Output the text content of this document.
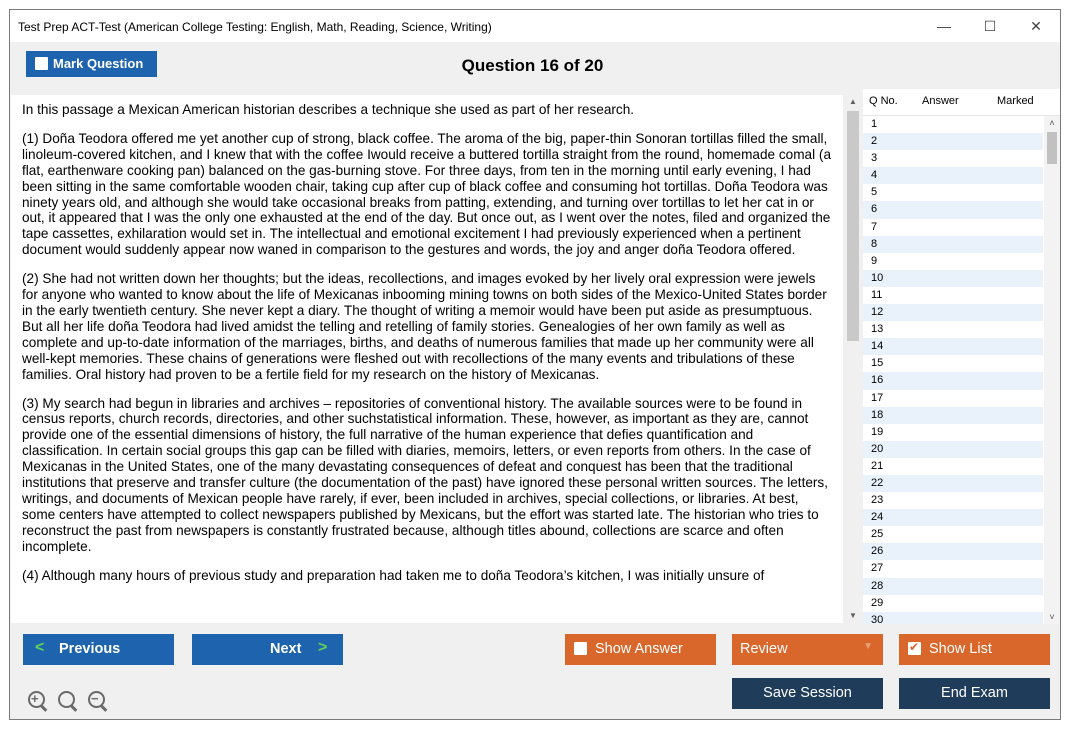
Test Prep ACT-Test (American College Testing: English, Math, Reading, Science, Writing)	—	☐	✕
Mark Question	Question 16 of 20

In this passage a Mexican American historian describes a technique she used as part of her research.

(1) Doña Teodora offered me yet another cup of strong, black coffee. The aroma of the big, paper-thin Sonoran tortillas filled the small, linoleum-covered kitchen, and I knew that with the coffee Iwould receive a buttered tortilla straight from the round, homemade comal (a flat, earthenware cooking pan) balanced on the gas-burning stove. For three days, from ten in the morning until early evening, I had been sitting in the same comfortable wooden chair, taking cup after cup of black coffee and consuming hot tortillas. Doña Teodora was ninety years old, and although she would take occasional breaks from patting, extending, and turning over tortillas to let her cat in or out, it appeared that I was the only one exhausted at the end of the day. But once out, as I went over the notes, filed and organized the tape cassettes, exhilaration would set in. The intellectual and emotional excitement I had previously experienced when a pertinent document would suddenly appear now waned in comparison to the gestures and words, the joy and anger doña Teodora offered.

(2) She had not written down her thoughts; but the ideas, recollections, and images evoked by her lively oral expression were jewels for anyone who wanted to know about the life of Mexicanas inbooming mining towns on both sides of the Mexico-United States border in the early twentieth century. She never kept a diary. The thought of writing a memoir would have been put aside as presumptuous. But all her life doña Teodora had lived amidst the telling and retelling of family stories. Genealogies of her own family as well as complete and up-to-date information of the marriages, births, and deaths of numerous families that made up her community were all well-kept memories. These chains of generations were fleshed out with recollections of the many events and tribulations of these families. Oral history had proven to be a fertile field for my research on the history of Mexicanas.

(3) My search had begun in libraries and archives – repositories of conventional history. The available sources were to be found in census reports, church records, directories, and other suchstatistical information. These, however, as important as they are, cannot provide one of the essential dimensions of history, the full narrative of the human experience that defies quantification and classification. In certain social groups this gap can be filled with diaries, memoirs, letters, or even reports from others. In the case of Mexicanas in the United States, one of the many devastating consequences of defeat and conquest has been that the traditional institutions that preserve and transfer culture (the documentation of the past) have ignored these personal written sources. The letters, writings, and documents of Mexican people have rarely, if ever, been included in archives, special collections, or libraries. At best, some centers have attempted to collect newspapers published by Mexicans, but the effort was started late. The historian who tries to reconstruct the past from newspapers is constantly frustrated because, although titles abound, collections are scarce and often incomplete.

(4) Although many hours of previous study and preparation had taken me to doña Teodora’s kitchen, I was initially unsure of

▲
▼
Q No. Answer	Marked
1
2
3
4
5
6
7
8
9
10
11
12
13
14
15
16
17
18
19
20
21
22
23
24
25
26
27
28
29
30
˄
˅
< Previous	Next >	Show Answer	Review	▼
✔	Show List
Save Session	End Exam
+	−
